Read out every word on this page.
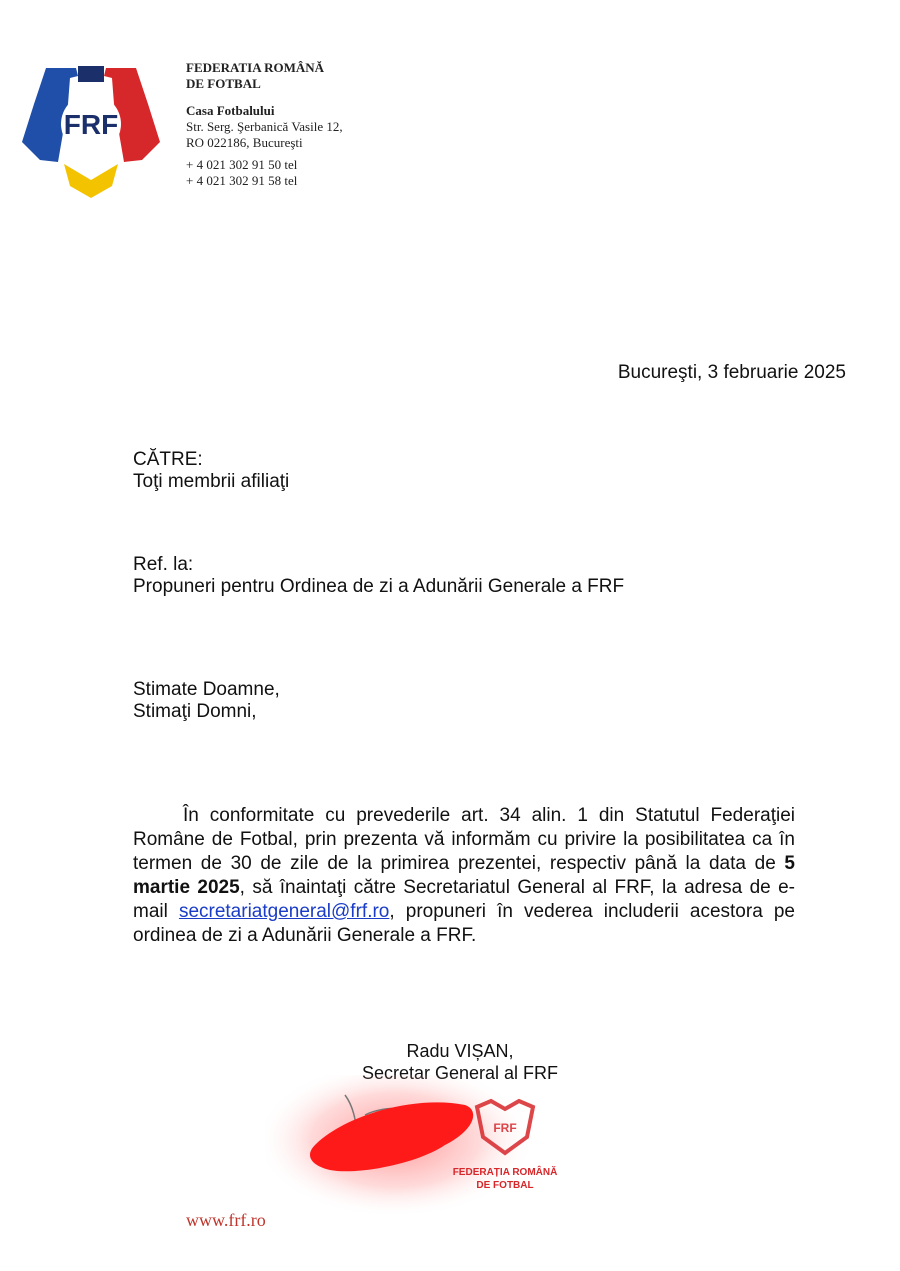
FRF
FEDERATIA ROMÂNĂ
DE FOTBAL
Casa Fotbalului
Str. Serg. Şerbanică Vasile 12,
RO 022186, Bucureşti
+ 4 021 302 91 50 tel
+ 4 021 302 91 58 tel
Bucureşti, 3 februarie 2025
CĂTRE:
Toţi membrii afiliaţi
Ref. la:
Propuneri pentru Ordinea de zi a Adunării Generale a FRF
Stimate Doamne,
Stimaţi Domni,
În conformitate cu prevederile art. 34 alin. 1 din Statutul Federaţiei Române de Fotbal, prin prezenta vă informăm cu privire la posibilitatea ca în termen de 30 de zile de la primirea prezentei, respectiv până la data de 5 martie 2025, să înaintaţi către Secretariatul General al FRF, la adresa de e-mail secretariatgeneral@frf.ro, propuneri în vederea includerii acestora pe ordinea de zi a Adunării Generale a FRF.
Radu VIȘAN,
Secretar General al FRF
FRF
FEDERAȚIA ROMÂNĂ
DE FOTBAL
www.frf.ro
